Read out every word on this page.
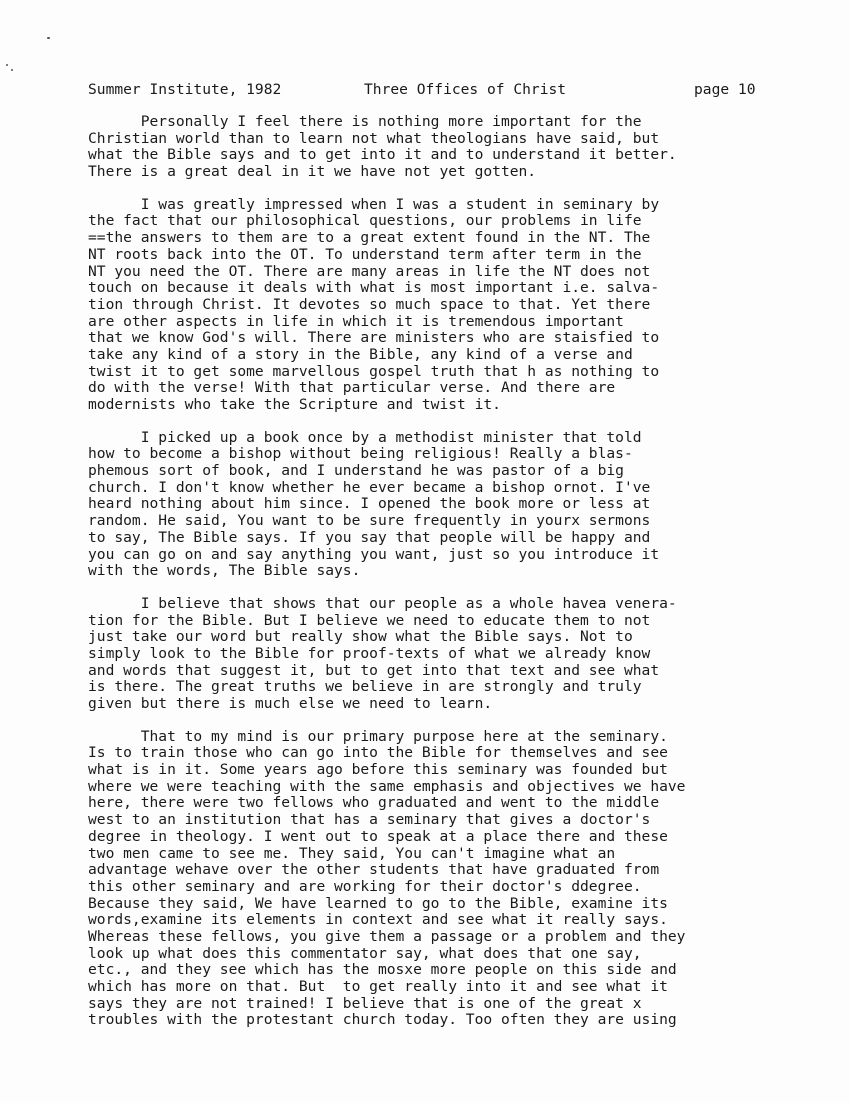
Summer Institute, 1982

	Three Offices of Christ

	page 10

Personally I feel there is nothing more important for the
Christian world than to learn not what theologians have said, but
what the Bible says and to get into it and to understand it better.
There is a great deal in it we have not yet gotten.
I was greatly impressed when I was a student in seminary by
the fact that our philosophical questions, our problems in life
==the answers to them are to a great extent found in the NT. The
NT roots back into the OT. To understand term after term in the
NT you need the OT. There are many areas in life the NT does not
touch on because it deals with what is most important i.e. salva-
tion through Christ. It devotes so much space to that. Yet there
are other aspects in life in which it is tremendous important
that we know God's will. There are ministers who are staisfied to
take any kind of a story in the Bible, any kind of a verse and
twist it to get some marvellous gospel truth that h as nothing to
do with the verse! With that particular verse. And there are
modernists who take the Scripture and twist it.
I picked up a book once by a methodist minister that told
how to become a bishop without being religious! Really a blas-
phemous sort of book, and I understand he was pastor of a big
church. I don't know whether he ever became a bishop ornot. I've
heard nothing about him since. I opened the book more or less at
random. He said, You want to be sure frequently in yourx sermons
to say, The Bible says. If you say that people will be happy and
you can go on and say anything you want, just so you introduce it
with the words, The Bible says.
I believe that shows that our people as a whole havea venera-
tion for the Bible. But I believe we need to educate them to not
just take our word but really show what the Bible says. Not to
simply look to the Bible for proof-texts of what we already know
and words that suggest it, but to get into that text and see what
is there. The great truths we believe in are strongly and truly
given but there is much else we need to learn.
That to my mind is our primary purpose here at the seminary.
Is to train those who can go into the Bible for themselves and see
what is in it. Some years ago before this seminary was founded but
where we were teaching with the same emphasis and objectives we have
here, there were two fellows who graduated and went to the middle
west to an institution that has a seminary that gives a doctor's
degree in theology. I went out to speak at a place there and these
two men came to see me. They said, You can't imagine what an
advantage wehave over the other students that have graduated from
this other seminary and are working for their doctor's ddegree.
Because they said, We have learned to go to the Bible, examine its
words,examine its elements in context and see what it really says.
Whereas these fellows, you give them a passage or a problem and they
look up what does this commentator say, what does that one say,
etc., and they see which has the mosxe more people on this side and
which has more on that. But  to get really into it and see what it
says they are not trained! I believe that is one of the great x
troubles with the protestant church today. Too often they are using
